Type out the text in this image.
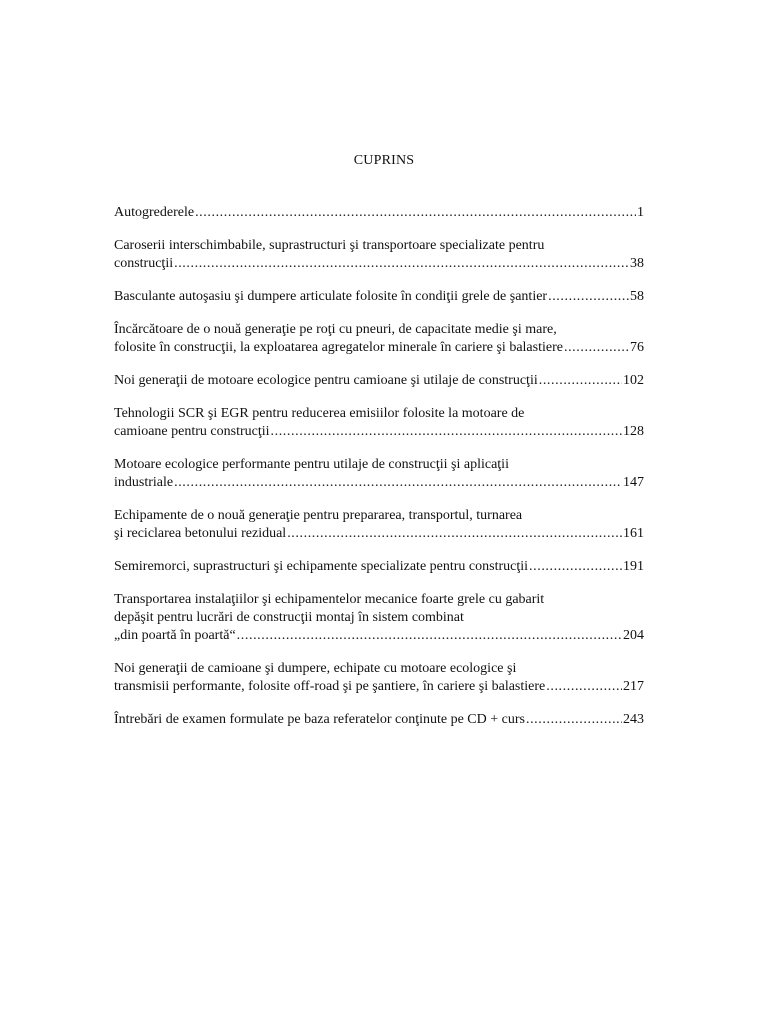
CUPRINS
Autogrederele .....	1
Caroserii interschimbabile, suprastructuri şi transportoare specializate pentru
construcţii .....	38
Basculante autoşasiu şi dumpere articulate folosite în condiţii grele de şantier .....	58
Încărcătoare de o nouă generaţie pe roţi cu pneuri, de capacitate medie şi mare,
folosite în construcţii, la exploatarea agregatelor minerale în cariere şi balastiere .....	76
Noi generaţii de motoare ecologice pentru camioane şi utilaje de construcţii .....	102
Tehnologii SCR şi EGR pentru reducerea emisiilor folosite la motoare de
camioane pentru construcţii .....	128
Motoare ecologice performante pentru utilaje de construcţii şi aplicaţii
industriale .....	147
Echipamente de o nouă generaţie pentru prepararea, transportul, turnarea
şi reciclarea betonului rezidual .....	161
Semiremorci, suprastructuri şi echipamente specializate pentru construcţii .....	191
Transportarea instalaţiilor şi echipamentelor mecanice foarte grele cu gabarit
depăşit pentru lucrări de construcţii montaj în sistem combinat
„din poartă în poartă“ .....	204
Noi generaţii de camioane şi dumpere, echipate cu motoare ecologice şi
transmisii performante, folosite off-road şi pe şantiere, în cariere şi balastiere .....	217
Întrebări de examen formulate pe baza referatelor conţinute pe CD + curs .....	243
